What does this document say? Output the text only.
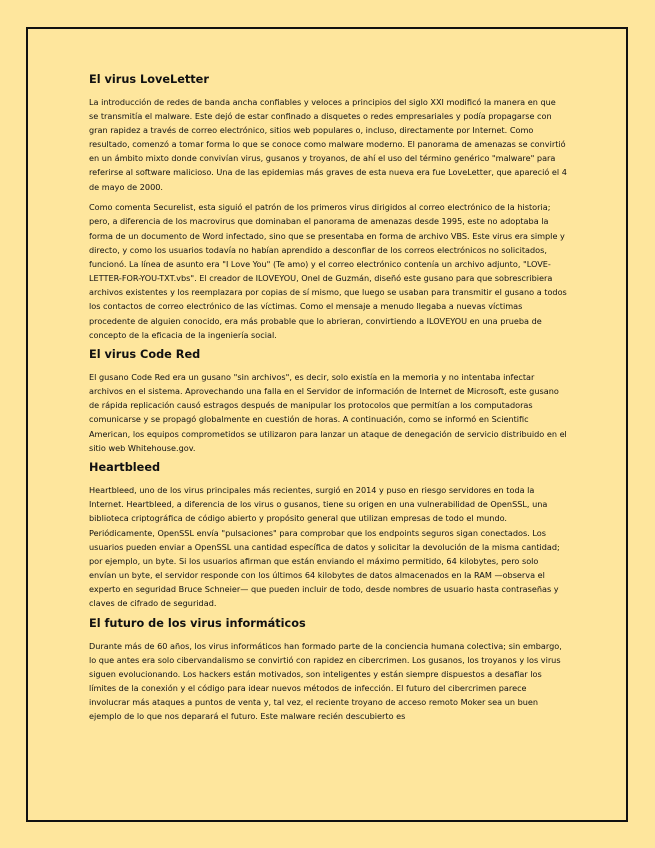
El virus LoveLetter

La introducción de redes de banda ancha confiables y veloces a principios del siglo XXI modificó la manera en que se transmitía el malware. Este dejó de estar confinado a disquetes o redes empresariales y podía propagarse con gran rapidez a través de correo electrónico, sitios web populares o, incluso, directamente por Internet. Como resultado, comenzó a tomar forma lo que se conoce como malware moderno. El panorama de amenazas se convirtió en un ámbito mixto donde convivían virus, gusanos y troyanos, de ahí el uso del término genérico "malware" para referirse al software malicioso. Una de las epidemias más graves de esta nueva era fue LoveLetter, que apareció el 4 de mayo de 2000.

Como comenta Securelist, esta siguió el patrón de los primeros virus dirigidos al correo electrónico de la historia; pero, a diferencia de los macrovirus que dominaban el panorama de amenazas desde 1995, este no adoptaba la forma de un documento de Word infectado, sino que se presentaba en forma de archivo VBS. Este virus era simple y directo, y como los usuarios todavía no habían aprendido a desconfiar de los correos electrónicos no solicitados, funcionó. La línea de asunto era "I Love You" (Te amo) y el correo electrónico contenía un archivo adjunto, "LOVE-LETTER-FOR-YOU-TXT.vbs". El creador de ILOVEYOU, Onel de Guzmán, diseñó este gusano para que sobrescribiera archivos existentes y los reemplazara por copias de sí mismo, que luego se usaban para transmitir el gusano a todos los contactos de correo electrónico de las víctimas. Como el mensaje a menudo llegaba a nuevas víctimas procedente de alguien conocido, era más probable que lo abrieran, convirtiendo a ILOVEYOU en una prueba de concepto de la eficacia de la ingeniería social.

El virus Code Red

El gusano Code Red era un gusano "sin archivos", es decir, solo existía en la memoria y no intentaba infectar archivos en el sistema. Aprovechando una falla en el Servidor de información de Internet de Microsoft, este gusano de rápida replicación causó estragos después de manipular los protocolos que permitían a los computadoras comunicarse y se propagó globalmente en cuestión de horas. A continuación, como se informó en Scientific American, los equipos comprometidos se utilizaron para lanzar un ataque de denegación de servicio distribuido en el sitio web Whitehouse.gov.

Heartbleed

Heartbleed, uno de los virus principales más recientes, surgió en 2014 y puso en riesgo servidores en toda la Internet. Heartbleed, a diferencia de los virus o gusanos, tiene su origen en una vulnerabilidad de OpenSSL, una biblioteca criptográfica de código abierto y propósito general que utilizan empresas de todo el mundo. Periódicamente, OpenSSL envía "pulsaciones" para comprobar que los endpoints seguros sigan conectados. Los usuarios pueden enviar a OpenSSL una cantidad específica de datos y solicitar la devolución de la misma cantidad; por ejemplo, un byte. Si los usuarios afirman que están enviando el máximo permitido, 64 kilobytes, pero solo envían un byte, el servidor responde con los últimos 64 kilobytes de datos almacenados en la RAM —observa el experto en seguridad Bruce Schneier— que pueden incluir de todo, desde nombres de usuario hasta contraseñas y claves de cifrado de seguridad.

El futuro de los virus informáticos

Durante más de 60 años, los virus informáticos han formado parte de la conciencia humana colectiva; sin embargo, lo que antes era solo cibervandalismo se convirtió con rapidez en cibercrimen. Los gusanos, los troyanos y los virus siguen evolucionando. Los hackers están motivados, son inteligentes y están siempre dispuestos a desafiar los límites de la conexión y el código para idear nuevos métodos de infección. El futuro del cibercrimen parece involucrar más ataques a puntos de venta y, tal vez, el reciente troyano de acceso remoto Moker sea un buen ejemplo de lo que nos deparará el futuro. Este malware recién descubierto es
